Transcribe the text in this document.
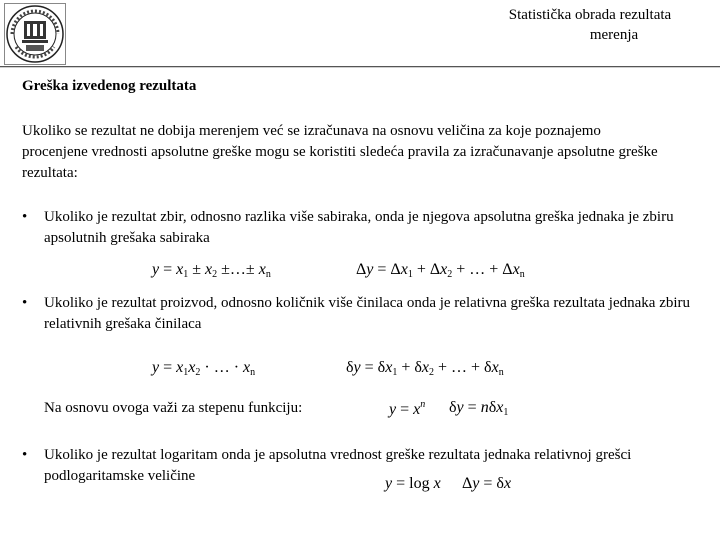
Statistička obrada rezultata
merenja
Greška izvedenog rezultata
Ukoliko se rezultat ne dobija merenjem već se izračunava na osnovu veličina za koje poznajemo procenjene vrednosti apsolutne greške mogu se koristiti sledeća pravila za izračunavanje apsolutne greške rezultata:
• Ukoliko je rezultat zbir, odnosno razlika više sabiraka, onda je njegova apsolutna greška jednaka je zbiru apsolutnih grešaka sabiraka
$y = x_1 \pm x_2$ ±…± $x_n$	$\Delta y = \Delta x_1 + \Delta x_2$ + … + $\Delta x_n$
• Ukoliko je rezultat proizvod, odnosno količnik više činilaca onda je relativna greška rezultata jednaka zbiru relativnih grešaka činilaca
$y = x_1x_2$ · … · $x_n$	$\delta y = \delta x_1 + \delta x_2$ + … + $\delta x_n$
Na osnovu ovoga važi za stepenu funkciju:	$y = x^n$ δy = nδx$_1$
• Ukoliko je rezultat logaritam onda je apsolutna vrednost greške rezultata jednaka relativnoj grešci podlogaritamske veličine	y = log x Δy = δx
